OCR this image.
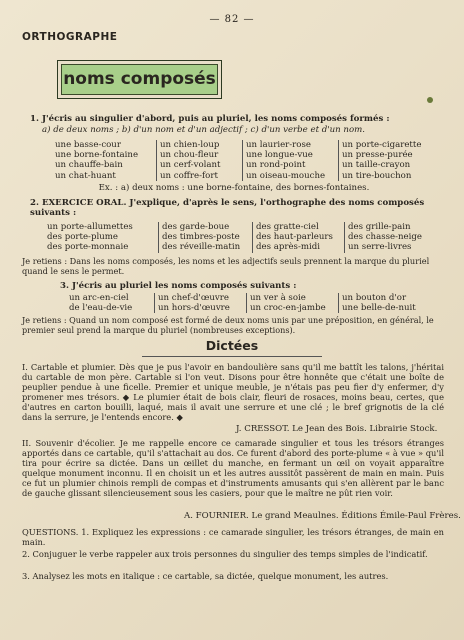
— 82 —
ORTHOGRAPHE
noms composés
1. J'écris au singulier d'abord, puis au pluriel, les noms composés formés :
a) de deux noms ; b) d'un nom et d'un adjectif ; c) d'un verbe et d'un nom.
une basse-cour
une borne-fontaine
un chauffe-bain
un chat-huant
un chien-loup
un chou-fleur
un cerf-volant
un coffre-fort
un laurier-rose
une longue-vue
un rond-point
un oiseau-mouche
un porte-cigarette
un presse-purée
un taille-crayon
un tire-bouchon
Ex. : a) deux noms : une borne-fontaine, des bornes-fontaines.
2. EXERCICE ORAL. J'explique, d'après le sens, l'orthographe des noms composés suivants :
un porte-allumettes
des porte-plume
des porte-monnaie
des garde-boue
des timbres-poste
des réveille-matin
des gratte-ciel
des haut-parleurs
des après-midi
des grille-pain
des chasse-neige
un serre-livres
Je retiens : Dans les noms composés, les noms et les adjectifs seuls prennent la marque du pluriel quand le sens le permet.
3. J'écris au pluriel les noms composés suivants :
un arc-en-ciel
de l'eau-de-vie
un chef-d'œuvre
un hors-d'œuvre
un ver à soie
un croc-en-jambe
un bouton d'or
une belle-de-nuit
Je retiens : Quand un nom composé est formé de deux noms unis par une préposition, en général, le premier seul prend la marque du pluriel (nombreuses exceptions).
Dictées
I. Cartable et plumier. Dès que je pus l'avoir en bandoulière sans qu'il me battît les talons, j'héritai du cartable de mon père. Cartable si l'on veut. Disons pour être honnête que c'était une boîte de peuplier pendue à une ficelle. Premier et unique meuble, je n'étais pas peu fier d'y enfermer, d'y promener mes trésors. ◆ Le plumier était de bois clair, fleuri de rosaces, moins beau, certes, que d'autres en carton bouilli, laqué, mais il avait une serrure et une clé ; le bref grignotis de la clé dans la serrure, je l'entends encore. ◆
J. CRESSOT. Le Jean des Bois. Librairie Stock.
II. Souvenir d'écolier. Je me rappelle encore ce camarade singulier et tous les trésors étranges apportés dans ce cartable, qu'il s'attachait au dos. Ce furent d'abord des porte-plume « à vue » qu'il tira pour écrire sa dictée. Dans un œillet du manche, en fermant un œil on voyait apparaître quelque monument inconnu. Il en choisit un et les autres aussitôt passèrent de main en main. Puis ce fut un plumier chinois rempli de compas et d'instruments amusants qui s'en allèrent par le banc de gauche glissant silencieusement sous les casiers, pour que le maître ne pût rien voir.
A. FOURNIER. Le grand Meaulnes. Éditions Émile-Paul Frères.
QUESTIONS. 1. Expliquez les expressions : ce camarade singulier, les trésors étranges, de main en main.
2. Conjuguer le verbe rappeler aux trois personnes du singulier des temps simples de l'indicatif.
3. Analysez les mots en italique : ce cartable, sa dictée, quelque monument, les autres.
